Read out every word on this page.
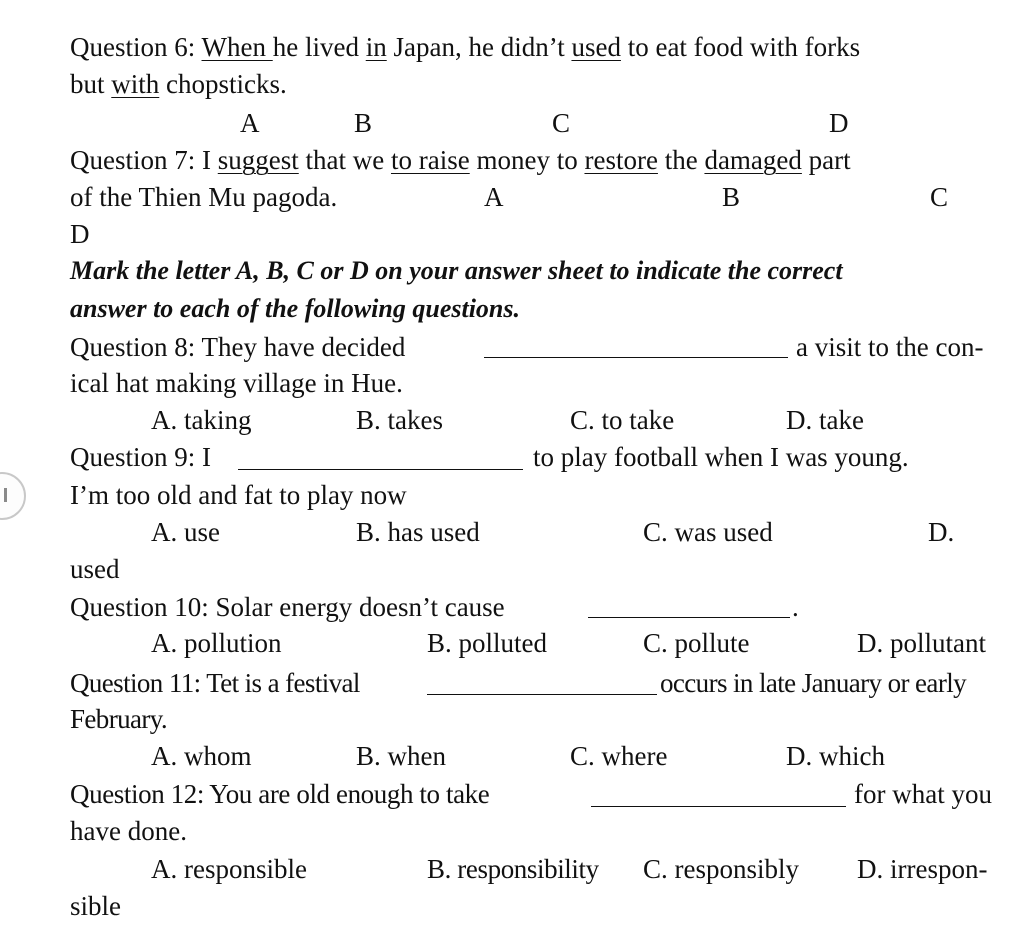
Question 6: When he lived in Japan, he didn’t used to eat food with forks
but with chopsticks.
A	B	C	D
Question 7: I suggest that we to raise money to restore the damaged part
of the Thien Mu pagoda.	A	B	C
D
Mark the letter A, B, C or D on your answer sheet to indicate the correct
answer to each of the following questions.
Question 8: They have decided	a visit to the con-
ical hat making village in Hue.
A. taking	B. takes	C. to take	D. take
Question 9: I	to play football when I was young.
I’m too old and fat to play now
A. use	B. has used	C. was used	D.
used
Question 10: Solar energy doesn’t cause	.
A. pollution	B. polluted	C. pollute	D. pollutant
Question 11: Tet is a festival	occurs in late January or early
February.
A. whom	B. when	C. where	D. which
Question 12: You are old enough to take	for what you
have done.
A. responsible	B. responsibility C. responsibly D. irrespon-
sible
